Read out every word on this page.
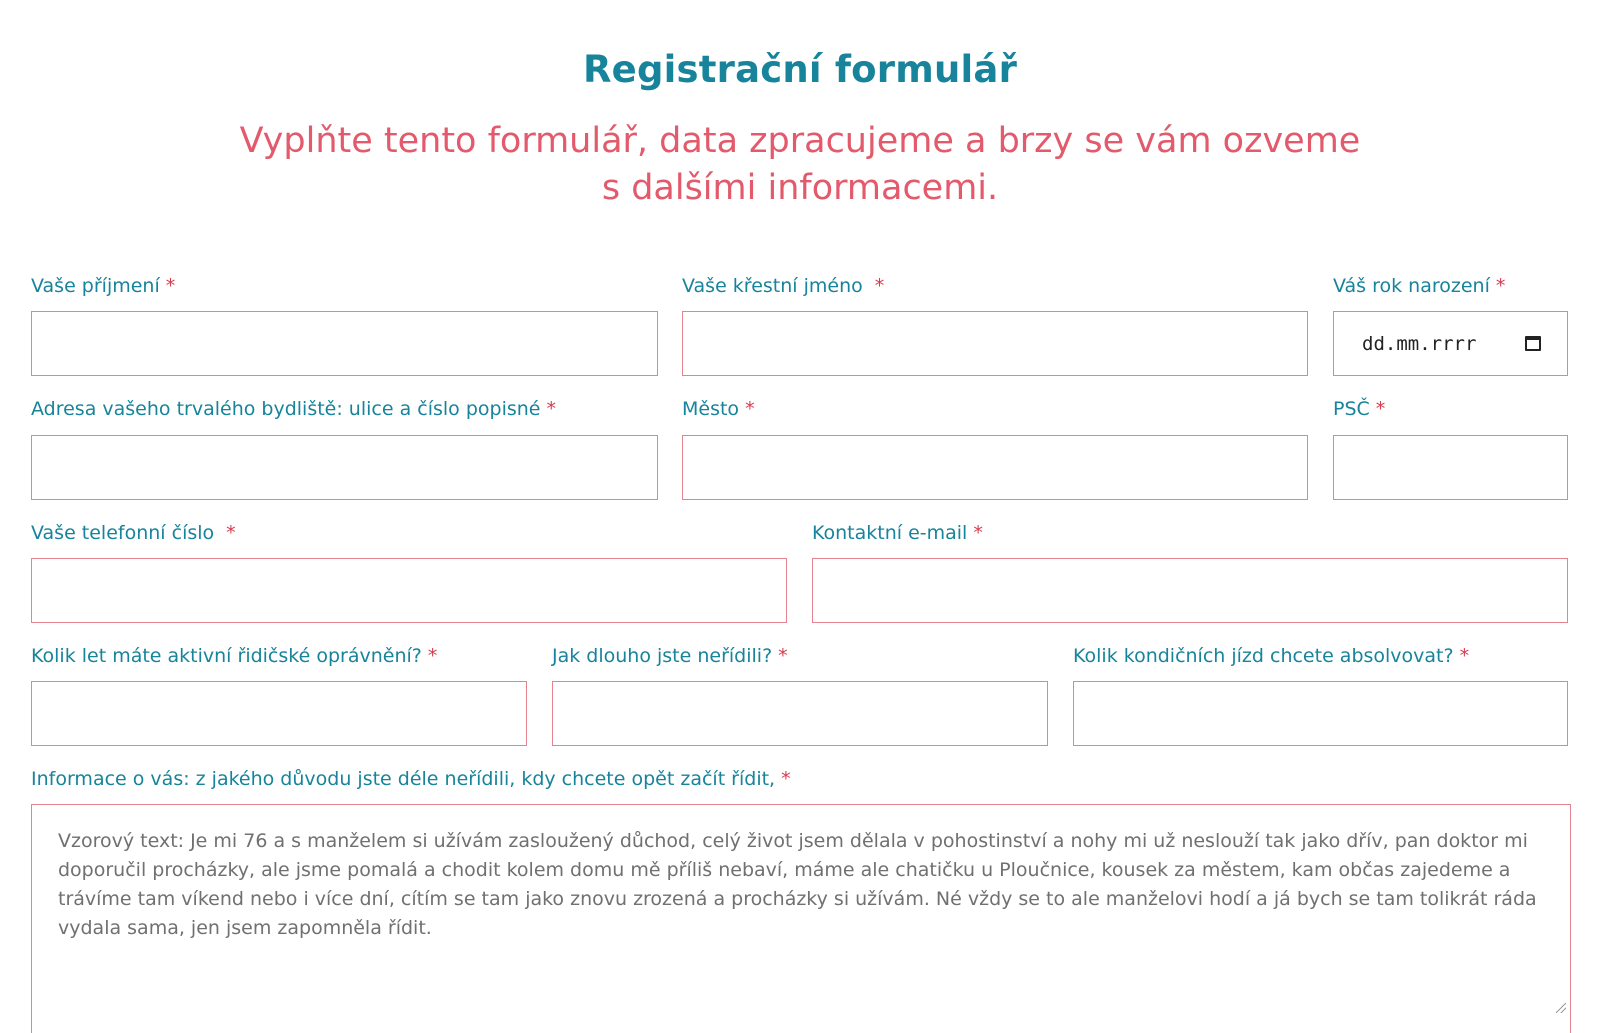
Registrační formulář
Vyplňte tento formulář, data zpracujeme a brzy se vám ozveme
s dalšími informacemi.
Vaše příjmení *	Vaše křestní jméno *	Váš rok narození *
dd.mm.rrrr
Adresa vašeho trvalého bydliště: ulice a číslo popisné *	Město *	PSČ *
Vaše telefonní číslo *	Kontaktní e-mail *
Kolik let máte aktivní řidičské oprávnění? *	Jak dlouho jste neřídili? *	Kolik kondičních jízd chcete absolvovat? *
Informace o vás: z jakého důvodu jste déle neřídili, kdy chcete opět začít řídit, *
Vzorový text: Je mi 76 a s manželem si užívám zasloužený důchod, celý život jsem dělala v pohostinství a nohy mi už neslouží tak jako dřív, pan doktor mi doporučil procházky, ale jsme pomalá a chodit kolem domu mě příliš nebaví, máme ale chatičku u Ploučnice, kousek za městem, kam občas zajedeme a trávíme tam víkend nebo i více dní, cítím se tam jako znovu zrozená a procházky si užívám. Né vždy se to ale manželovi hodí a já bych se tam tolikrát ráda vydala sama, jen jsem zapomněla řídit.
